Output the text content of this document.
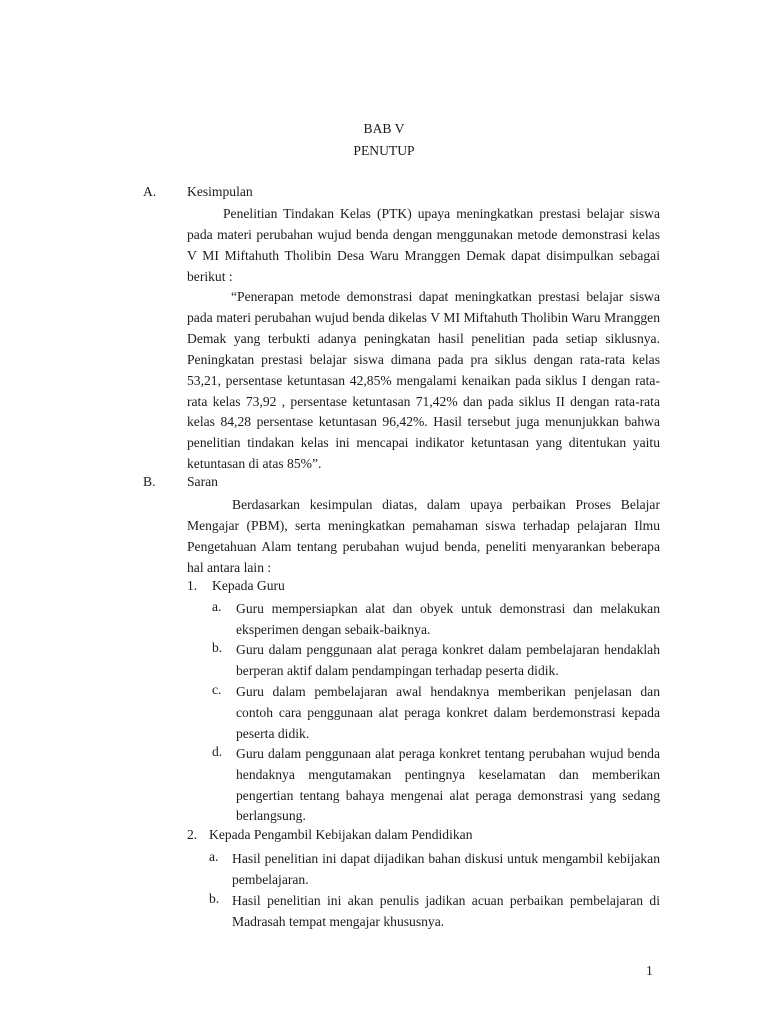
BAB V
PENUTUP
A. Kesimpulan
Penelitian Tindakan Kelas (PTK) upaya meningkatkan prestasi belajar siswa pada materi perubahan wujud benda dengan menggunakan metode demonstrasi kelas V MI Miftahuth Tholibin Desa Waru Mranggen Demak dapat disimpulkan sebagai berikut :
“Penerapan metode demonstrasi dapat meningkatkan prestasi belajar siswa pada materi perubahan wujud benda dikelas V MI Miftahuth Tholibin Waru Mranggen Demak yang terbukti adanya peningkatan hasil penelitian pada setiap siklusnya. Peningkatan prestasi belajar siswa dimana pada pra siklus dengan rata-rata kelas 53,21, persentase ketuntasan 42,85% mengalami kenaikan pada siklus I dengan rata-rata kelas 73,92 , persentase ketuntasan 71,42% dan pada siklus II dengan rata-rata kelas 84,28 persentase ketuntasan 96,42%. Hasil tersebut juga menunjukkan bahwa penelitian tindakan kelas ini mencapai indikator ketuntasan yang ditentukan yaitu ketuntasan di atas 85%”.
B. Saran
Berdasarkan kesimpulan diatas, dalam upaya perbaikan Proses Belajar Mengajar (PBM), serta meningkatkan pemahaman siswa terhadap pelajaran Ilmu Pengetahuan Alam tentang perubahan wujud benda, peneliti menyarankan beberapa hal antara lain :
1. Kepada Guru
a. Guru mempersiapkan alat dan obyek untuk demonstrasi dan melakukan eksperimen dengan sebaik-baiknya.
b. Guru dalam penggunaan alat peraga konkret dalam pembelajaran hendaklah berperan aktif dalam pendampingan terhadap peserta didik.
c. Guru dalam pembelajaran awal hendaknya memberikan penjelasan dan contoh cara penggunaan alat peraga konkret dalam berdemonstrasi kepada peserta didik.
d. Guru dalam penggunaan alat peraga konkret tentang perubahan wujud benda hendaknya mengutamakan pentingnya keselamatan dan memberikan pengertian tentang bahaya mengenai alat peraga demonstrasi yang sedang berlangsung.
2. Kepada Pengambil Kebijakan dalam Pendidikan
a. Hasil penelitian ini dapat dijadikan bahan diskusi untuk mengambil kebijakan pembelajaran.
b. Hasil penelitian ini akan penulis jadikan acuan perbaikan pembelajaran di Madrasah tempat mengajar khususnya.
1
